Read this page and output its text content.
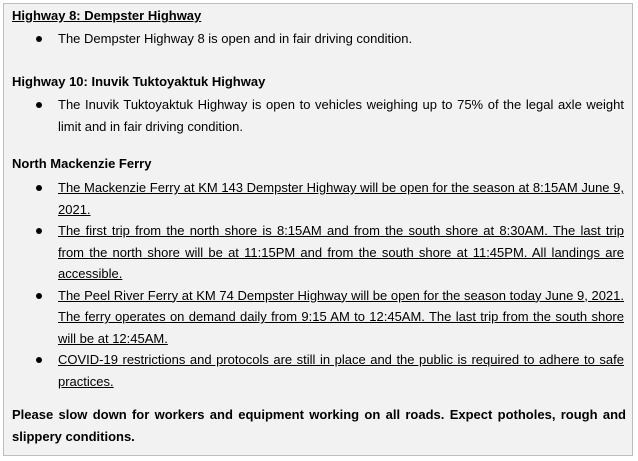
Highway 8: Dempster Highway
The Dempster Highway 8 is open and in fair driving condition.
Highway 10: Inuvik Tuktoyaktuk Highway
The Inuvik Tuktoyaktuk Highway is open to vehicles weighing up to 75% of the legal axle weight limit and in fair driving condition.
North Mackenzie Ferry
The Mackenzie Ferry at KM 143 Dempster Highway will be open for the season at 8:15AM June 9, 2021.
The first trip from the north shore is 8:15AM and from the south shore at 8:30AM. The last trip from the north shore will be at 11:15PM and from the south shore at 11:45PM. All landings are accessible.
The Peel River Ferry at KM 74 Dempster Highway will be open for the season today June 9, 2021. The ferry operates on demand daily from 9:15 AM to 12:45AM. The last trip from the south shore will be at 12:45AM.
COVID-19 restrictions and protocols are still in place and the public is required to adhere to safe practices.
Please slow down for workers and equipment working on all roads. Expect potholes, rough and slippery conditions.
